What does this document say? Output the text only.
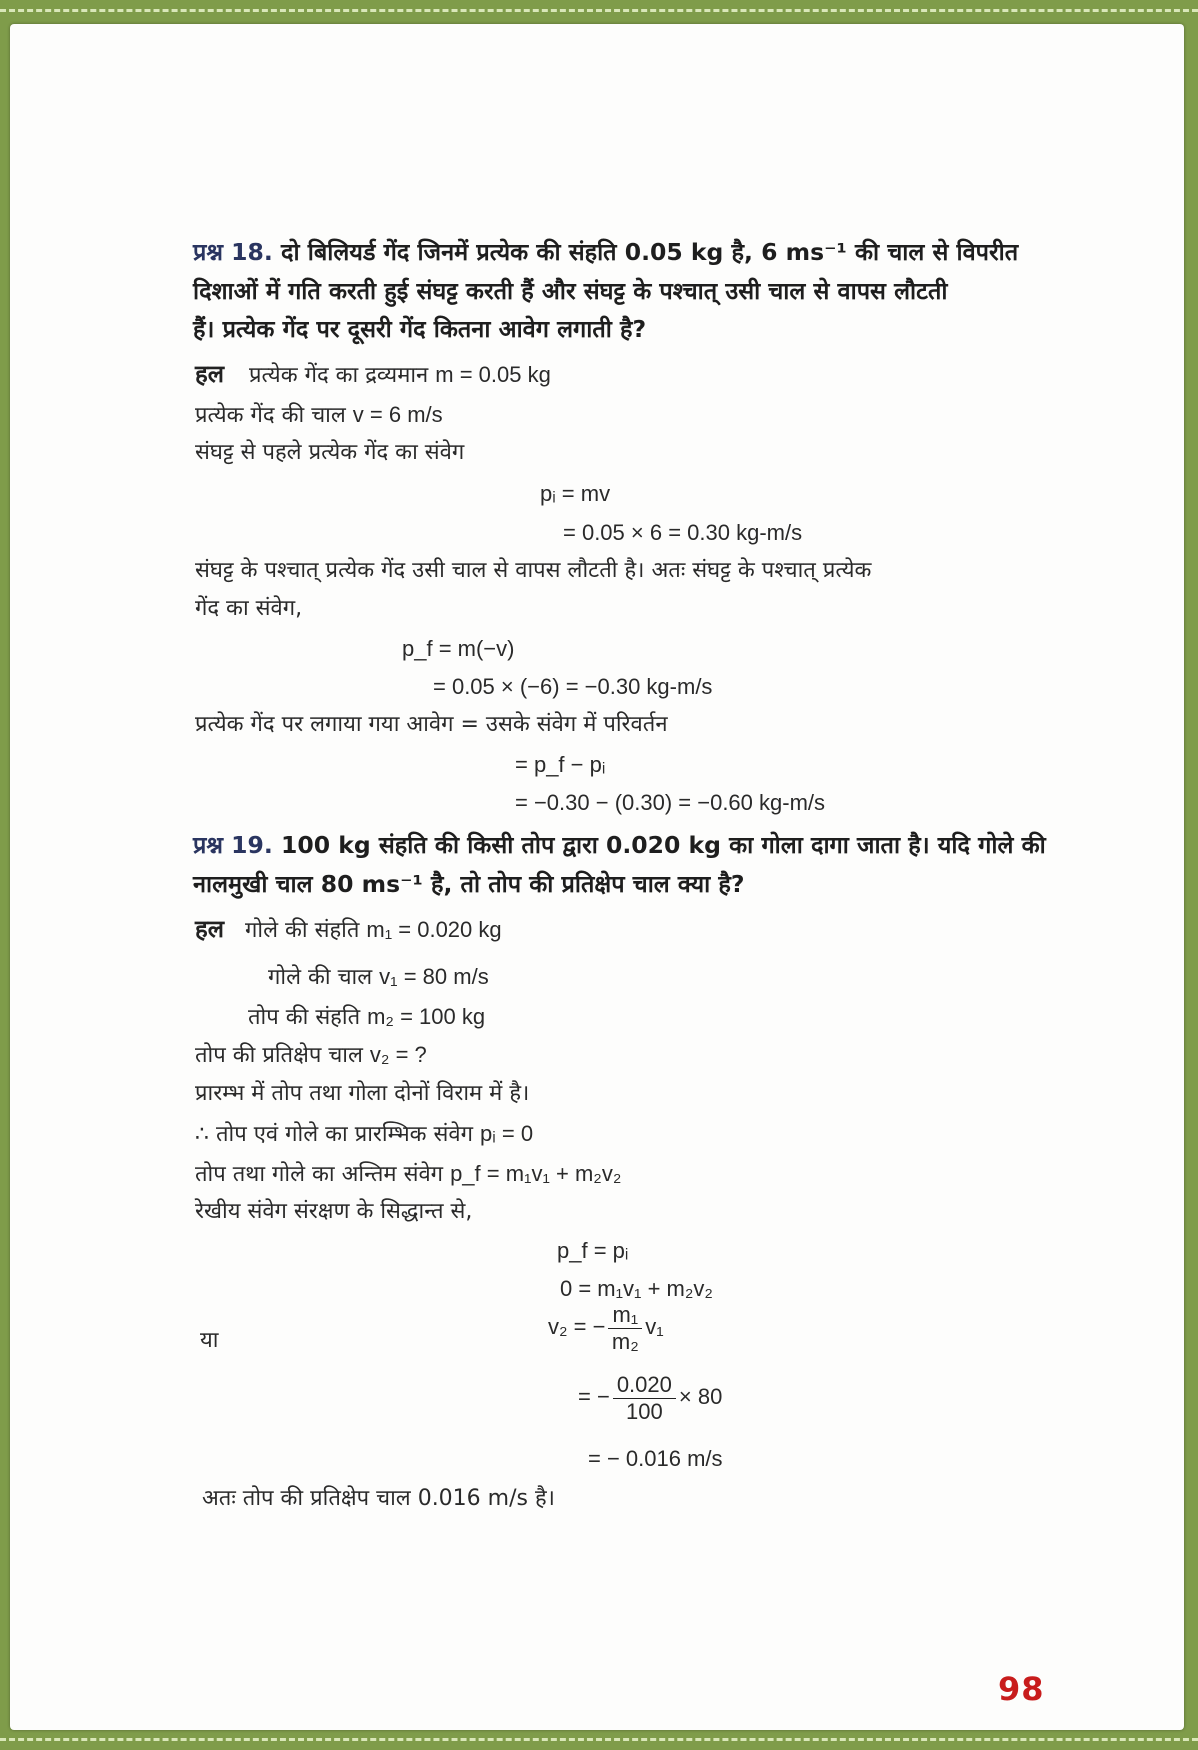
प्रश्न 18. दो बिलियर्ड गेंद जिनमें प्रत्येक की संहति 0.05 kg है, 6 ms⁻¹ की चाल से विपरीत
दिशाओं में गति करती हुई संघट्ट करती हैं और संघट्ट के पश्चात् उसी चाल से वापस लौटती
हैं। प्रत्येक गेंद पर दूसरी गेंद कितना आवेग लगाती है?
हल प्रत्येक गेंद का द्रव्यमान m = 0.05 kg
प्रत्येक गेंद की चाल v = 6 m/s
संघट्ट से पहले प्रत्येक गेंद का संवेग
pᵢ = mv
= 0.05 × 6 = 0.30 kg-m/s
संघट्ट के पश्चात् प्रत्येक गेंद उसी चाल से वापस लौटती है। अतः संघट्ट के पश्चात् प्रत्येक
गेंद का संवेग,
p_f = m(−v)
= 0.05 × (−6) = −0.30 kg-m/s
प्रत्येक गेंद पर लगाया गया आवेग = उसके संवेग में परिवर्तन
= p_f − pᵢ
= −0.30 − (0.30) = −0.60 kg-m/s
प्रश्न 19. 100 kg संहति की किसी तोप द्वारा 0.020 kg का गोला दागा जाता है। यदि गोले की
नालमुखी चाल 80 ms⁻¹ है, तो तोप की प्रतिक्षेप चाल क्या है?
हल गोले की संहति m₁ = 0.020 kg
गोले की चाल v₁ = 80 m/s
तोप की संहति m₂ = 100 kg
तोप की प्रतिक्षेप चाल v₂ = ?
प्रारम्भ में तोप तथा गोला दोनों विराम में है।
∴ तोप एवं गोले का प्रारम्भिक संवेग pᵢ = 0
तोप तथा गोले का अन्तिम संवेग p_f = m₁v₁ + m₂v₂
रेखीय संवेग संरक्षण के सिद्धान्त से,
p_f = pᵢ
0 = m₁v₁ + m₂v₂
या
v₂ = − $\frac{\text{m₁}}{\text{m₂}} v_1$
= − $\frac{0.020}{100} \times 80$
= − 0.016 m/s
अतः तोप की प्रतिक्षेप चाल 0.016 m/s है।
98
